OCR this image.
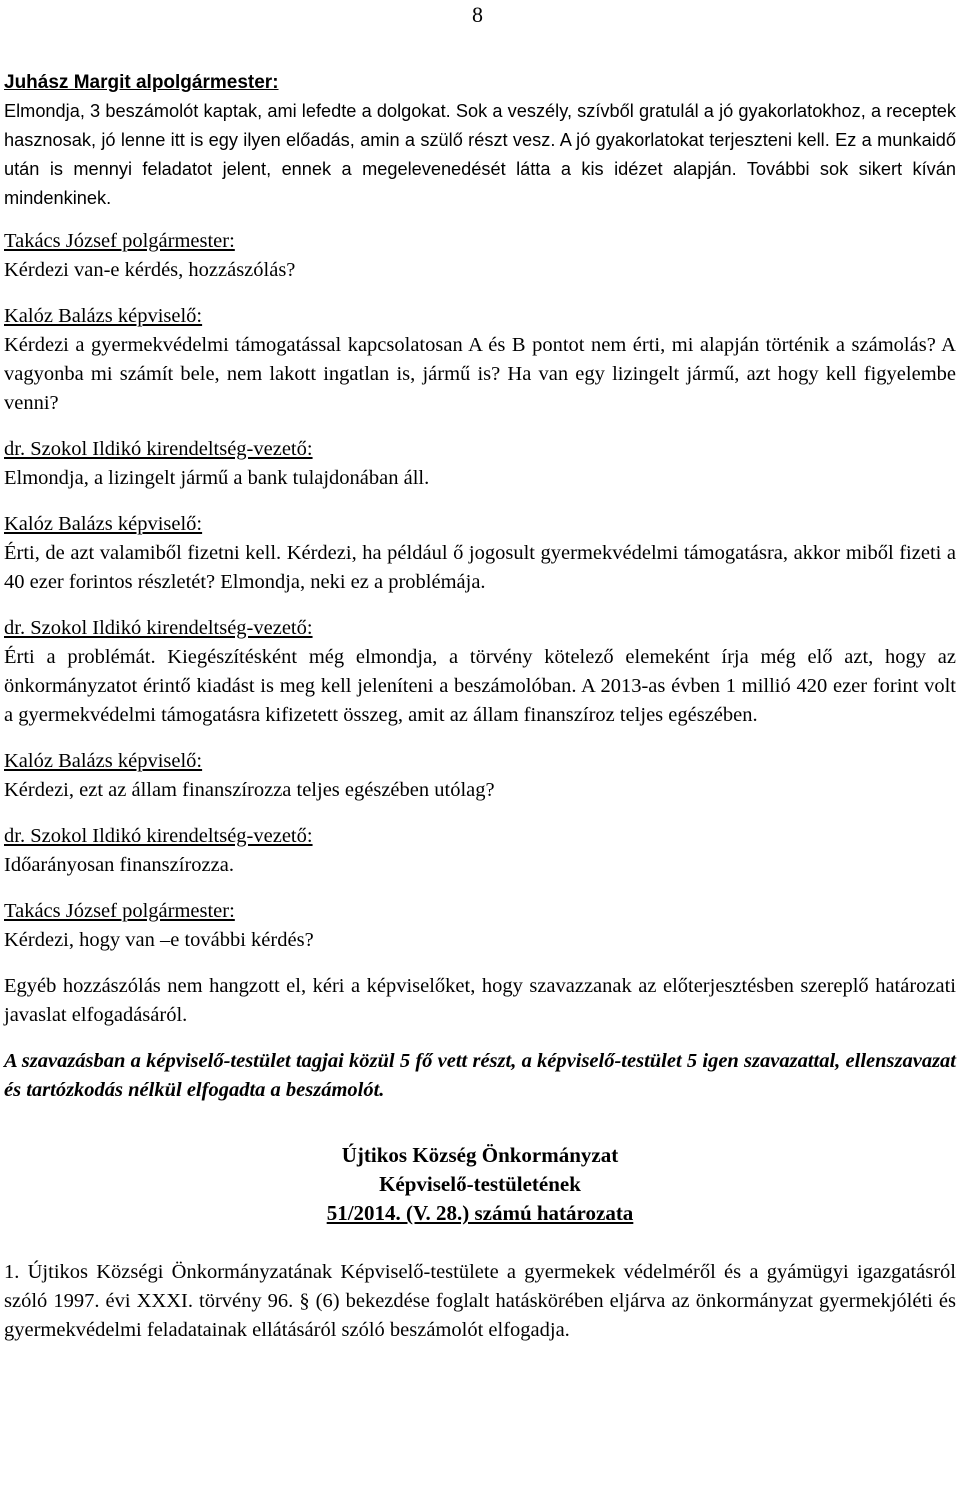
8
Juhász Margit alpolgármester:

Elmondja, 3 beszámolót kaptak, ami lefedte a dolgokat. Sok a veszély, szívből gratulál a jó gyakorlatokhoz, a receptek hasznosak, jó lenne itt is egy ilyen előadás, amin a szülő részt vesz. A jó gyakorlatokat terjeszteni kell. Ez a munkaidő után is mennyi feladatot jelent, ennek a megelevenedését látta a kis idézet alapján. További sok sikert kíván mindenkinek.

Takács József polgármester:

Kérdezi van-e kérdés, hozzászólás?

Kalóz Balázs képviselő:

Kérdezi a gyermekvédelmi támogatással kapcsolatosan A és B pontot nem érti, mi alapján történik a számolás? A vagyonba mi számít bele, nem lakott ingatlan is, jármű is? Ha van egy lizingelt jármű, azt hogy kell figyelembe venni?

dr. Szokol Ildikó kirendeltség-vezető:

Elmondja, a lizingelt jármű a bank tulajdonában áll.

Kalóz Balázs képviselő:

Érti, de azt valamiből fizetni kell. Kérdezi, ha például ő jogosult gyermekvédelmi támogatásra, akkor miből fizeti a 40 ezer forintos részletét? Elmondja, neki ez a problémája.

dr. Szokol Ildikó kirendeltség-vezető:

Érti a problémát. Kiegészítésként még elmondja, a törvény kötelező elemeként írja még elő azt, hogy az önkormányzatot érintő kiadást is meg kell jeleníteni a beszámolóban. A 2013-as évben 1 millió 420 ezer forint volt a gyermekvédelmi támogatásra kifizetett összeg, amit az állam finanszíroz teljes egészében.

Kalóz Balázs képviselő:

Kérdezi, ezt az állam finanszírozza teljes egészében utólag?

dr. Szokol Ildikó kirendeltség-vezető:

Időarányosan finanszírozza.

Takács József polgármester:

Kérdezi, hogy van –e további kérdés?

Egyéb hozzászólás nem hangzott el, kéri a képviselőket, hogy szavazzanak az előterjesztésben szereplő határozati javaslat elfogadásáról.

A szavazásban a képviselő-testület tagjai közül 5 fő vett részt, a képviselő-testület 5 igen szavazattal, ellenszavazat és tartózkodás nélkül elfogadta a beszámolót.

Újtikos Község Önkormányzat
Képviselő-testületének
51/2014. (V. 28.) számú határozata

1. Újtikos Községi Önkormányzatának Képviselő-testülete a gyermekek védelméről és a gyámügyi igazgatásról szóló 1997. évi XXXI. törvény 96. § (6) bekezdése foglalt hatáskörében eljárva az önkormányzat gyermekjóléti és gyermekvédelmi feladatainak ellátásáról szóló beszámolót elfogadja.
